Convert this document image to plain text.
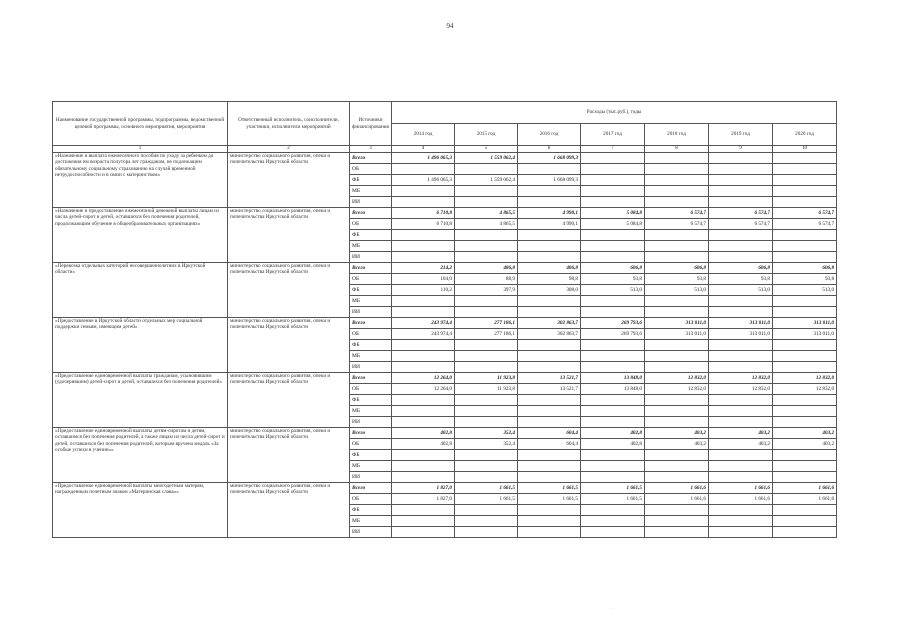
94
Наименование государственной программы, подпрограммы, ведомственной целевой программы, основного мероприятия, мероприятия	Ответственный исполнитель, соисполнители, участники, исполнители мероприятий	Источники финансирования	Расходы (тыс.руб.), годы						
			2014 год	2015 год	2016 год	2017 год	2018 год	2019 год	2020 год
1	2	3	4	5	6	7	8	9	10
«Назначение и выплата ежемесячного пособия по уходу за ребенком до достижения им возраста полутора лет гражданам, не подлежащим обязательному социальному страхованию на случай временной нетрудоспособности и в связи с материнством»	министерство социального развития, опеки и попечительства Иркутской области	Всего	1 496 065,3	1 559 062,4	1 668 099,3				
		ОБ							
		ФБ	1 496 065,3	1 559 062,4	1 668 099,3				
		МБ							
		ИИ							
«Назначение и предоставление ежемесячной денежной выплаты лицам из числа детей-сирот и детей, оставшихся без попечения родителей, продолжающим обучение в общеобразовательных организациях»	министерство социального развития, опеки и попечительства Иркутской области	Всего	6 710,8	4 865,5	4 990,1	5 084,8	6 574,7	6 574,7	6 574,7
		ОБ	6 710,8	4 865,5	4 990,1	5 084,8	6 574,7	6 574,7	6 574,7
		ФБ							
		МБ							
		ИИ							
«Перевозка отдельных категорий несовершеннолетних в Иркутской области»	министерство социального развития, опеки и попечительства Иркутской области	Всего	214,2	486,8	406,8	606,8	606,8	606,8	606,8
		ОБ	104,0	88,9	98,8	93,8	93,8	93,8	93,8
		ФБ	110,2	397,9	308,0	513,0	513,0	513,0	513,0
		МБ							
		ИИ							
«Предоставление в Иркутской области отдельных мер социальной поддержки семьям, имеющим детей»	министерство социального развития, опеки и попечительства Иркутской области	Всего	243 974,4	277 186,1	302 863,7	269 793,6	313 011,0	313 011,0	313 011,0
		ОБ	243 974,4	277 186,1	302 863,7	269 793,6	313 011,0	313 011,0	313 011,0
		ФБ							
		МБ							
		ИИ							
«Предоставление единовременной выплаты гражданам, усыновившим (удочерившим) детей-сирот и детей, оставшихся без попечения родителей»	министерство социального развития, опеки и попечительства Иркутской области	Всего	12 264,0	11 923,8	13 521,7	13 848,0	12 832,0	12 832,0	12 832,0
		ОБ	12 264,0	11 923,8	13 521,7	13 848,0	12 832,0	12 832,0	12 832,0
		ФБ							
		МБ							
		ИИ							
«Предоставление единовременной выплаты детям-сиротам и детям, оставшимся без попечения родителей, а также лицам из числа детей-сирот и детей, оставшихся без попечения родителей, которым вручена медаль «За особые успехи в учении»»	министерство социального развития, опеки и попечительства Иркутской области	Всего	402,8	352,4	604,4	402,8	403,2	403,2	403,2
		ОБ	402,8	352,4	604,4	402,8	403,2	403,2	403,2
		ФБ							
		МБ							
		ИИ							
«Предоставление единовременной выплаты многодетным матерям, награжденным почетным знаком «Материнская слава»»	министерство социального развития, опеки и попечительства Иркутской области	Всего	1 827,0	1 661,5	1 661,5	1 661,5	1 661,6	1 661,6	1 661,6
		ОБ	1 827,0	1 661,5	1 661,5	1 661,5	1 661,6	1 661,6	1 661,6
		ФБ							
		МБ							
		ИИ							
·
